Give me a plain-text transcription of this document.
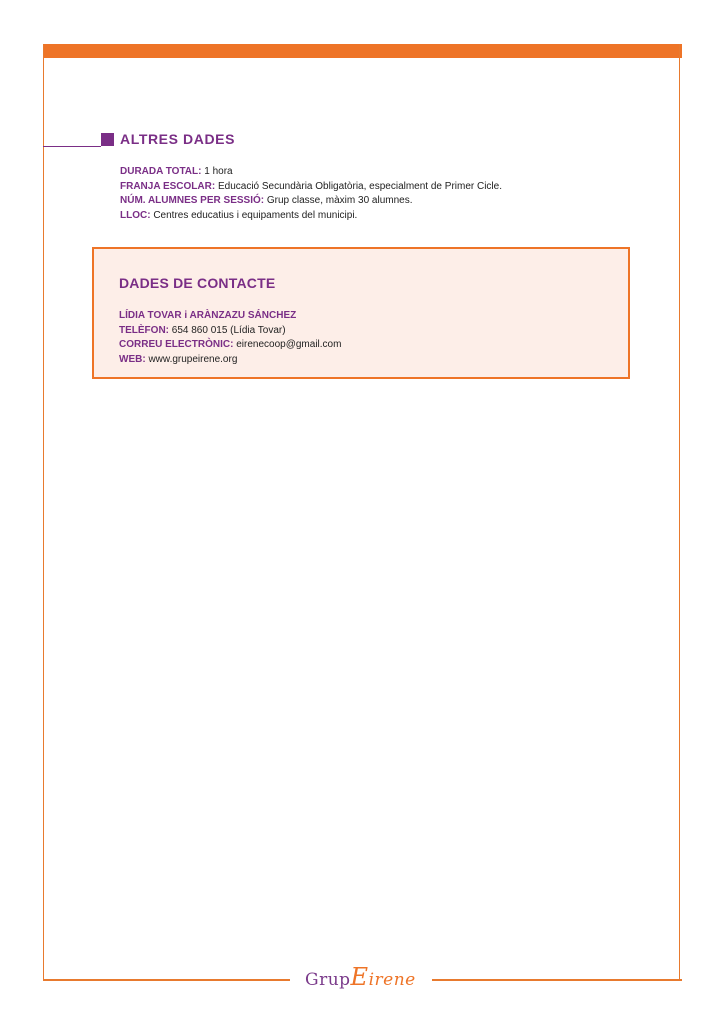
ALTRES DADES
DURADA TOTAL: 1 hora
FRANJA ESCOLAR: Educació Secundària Obligatòria, especialment de Primer Cicle.
NÚM. ALUMNES PER SESSIÓ: Grup classe, màxim 30 alumnes.
LLOC: Centres educatius i equipaments del municipi.
DADES DE CONTACTE
LÍDIA TOVAR i ARÀNZAZU SÁNCHEZ
TELÈFON: 654 860 015 (Lídia Tovar)
CORREU ELECTRÒNIC: eirenecoop@gmail.com
WEB: www.grupeirene.org
GrupEirene
